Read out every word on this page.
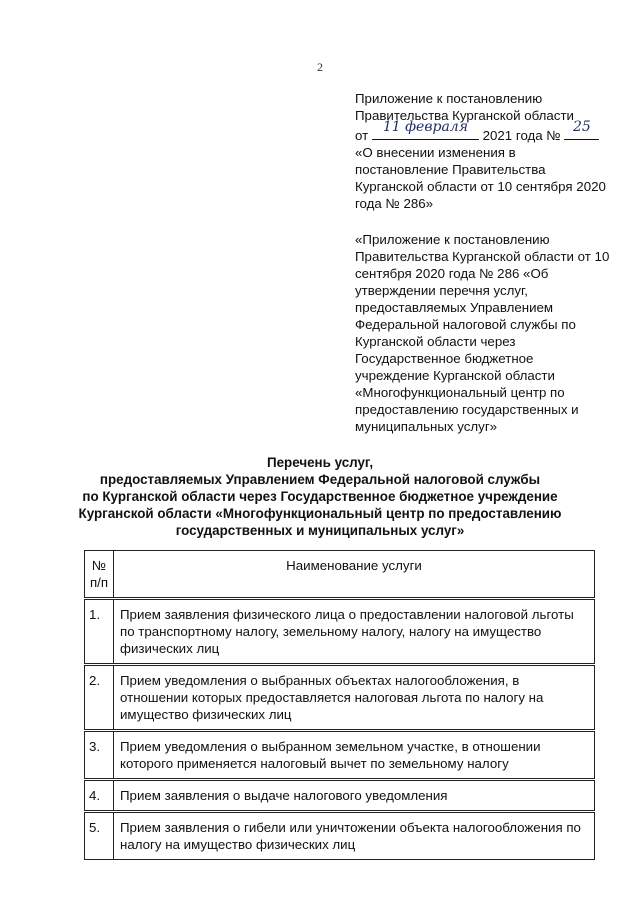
2

Приложение к постановлению

Правительства Курганской области

от
11 февраля
2021 года №
25

«О внесении изменения в постановление Правительства Курганской области от 10 сентября 2020 года № 286»

«Приложение к постановлению Правительства Курганской области от 10 сентября 2020 года № 286 «Об утверждении перечня услуг, предоставляемых Управлением Федеральной налоговой службы по Курганской области через Государственное бюджетное учреждение Курганской области «Многофункциональный центр по предоставлению государственных и муниципальных услуг»

Перечень услуг,

предоставляемых Управлением Федеральной налоговой службы

по Курганской области через Государственное бюджетное учреждение

Курганской области «Многофункциональный центр по предоставлению

государственных и муниципальных услуг»

№ п/п	Наименование услуги
1.	Прием заявления физического лица о предоставлении налоговой льготы по транспортному налогу, земельному налогу, налогу на имущество физических лиц
2.	Прием уведомления о выбранных объектах налогообложения, в отношении которых предоставляется налоговая льгота по налогу на имущество физических лиц
3.	Прием уведомления о выбранном земельном участке, в отношении которого применяется налоговый вычет по земельному налогу
4.	Прием заявления о выдаче налогового уведомления
5.	Прием заявления о гибели или уничтожении объекта налогообложения по налогу на имущество физических лиц
